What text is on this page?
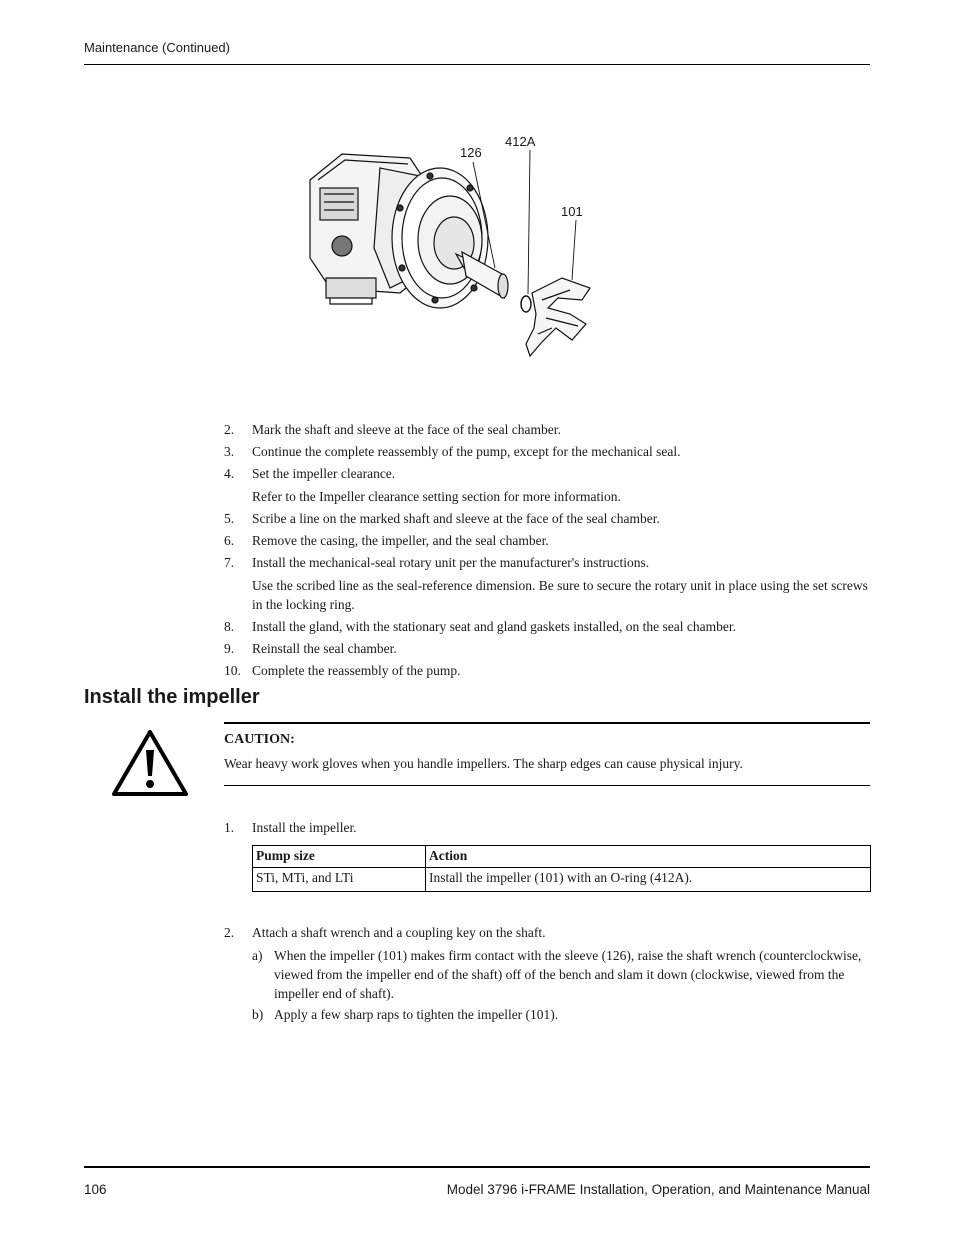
Maintenance (Continued)
126
412A
101
2. Mark the shaft and sleeve at the face of the seal chamber.
3. Continue the complete reassembly of the pump, except for the mechanical seal.
4. Set the impeller clearance.
Refer to the Impeller clearance setting section for more information.
5. Scribe a line on the marked shaft and sleeve at the face of the seal chamber.
6. Remove the casing, the impeller, and the seal chamber.
7. Install the mechanical-seal rotary unit per the manufacturer's instructions.
Use the scribed line as the seal-reference dimension. Be sure to secure the rotary unit in place using the set screws in the locking ring.
8. Install the gland, with the stationary seat and gland gaskets installed, on the seal chamber.
9. Reinstall the seal chamber.
10. Complete the reassembly of the pump.
Install the impeller
CAUTION:
Wear heavy work gloves when you handle impellers. The sharp edges can cause physical injury.
1. Install the impeller.
Pump size	Action
STi, MTi, and LTi	Install the impeller (101) with an O-ring (412A).
2. Attach a shaft wrench and a coupling key on the shaft.
a) When the impeller (101) makes firm contact with the sleeve (126), raise the shaft wrench (counterclockwise, viewed from the impeller end of the shaft) off of the bench and slam it down (clockwise, viewed from the impeller end of shaft).
b) Apply a few sharp raps to tighten the impeller (101).
106	Model 3796 i-FRAME Installation, Operation, and Maintenance Manual
